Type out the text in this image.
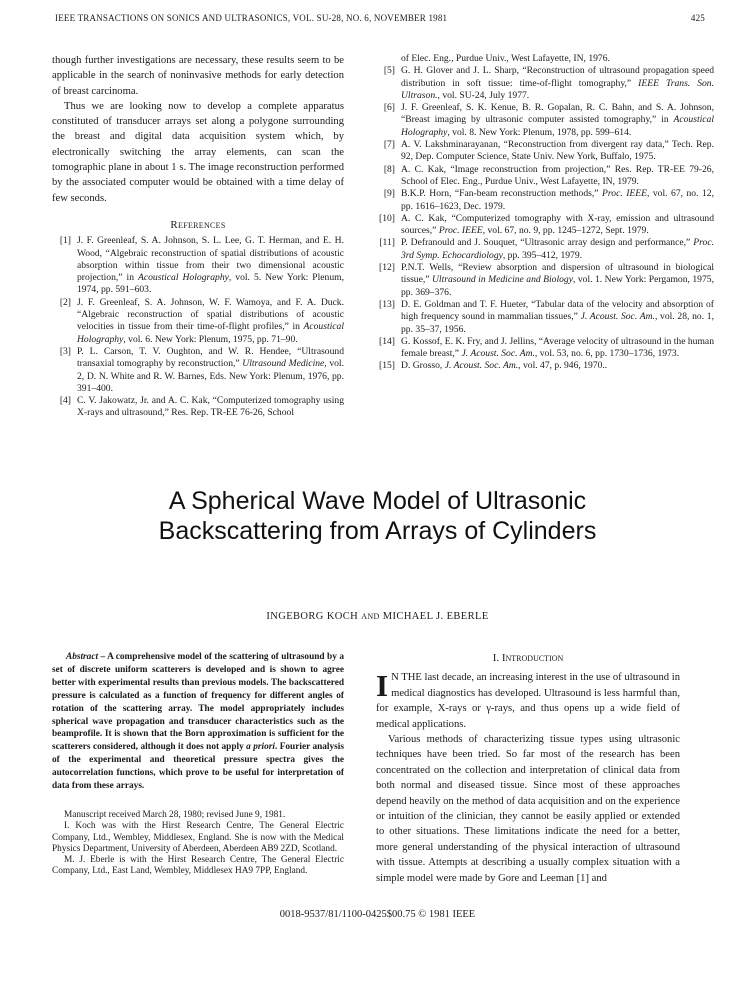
IEEE TRANSACTIONS ON SONICS AND ULTRASONICS, VOL. SU-28, NO. 6, NOVEMBER 1981	425

though further investigations are necessary, these results seem to be applicable in the search of noninvasive methods for early detection of breast carcinoma.

Thus we are looking now to develop a complete apparatus constituted of transducer arrays set along a polygone surrounding the breast and digital data acquisition system which, by electronically switching the array elements, can scan the tomographic plane in about 1 s. The image reconstruction performed by the associated computer would be obtained with a time delay of few seconds.

References
[1] J. F. Greenleaf, S. A. Johnson, S. L. Lee, G. T. Herman, and E. H. Wood, “Algebraic reconstruction of spatial distributions of acoustic absorption within tissue from their two dimensional acoustic projection,” in Acoustical Holography, vol. 5. New York: Plenum, 1974, pp. 591–603.
[2] J. F. Greenleaf, S. A. Johnson, W. F. Wamoya, and F. A. Duck. “Algebraic reconstruction of spatial distributions of acoustic velocities in tissue from their time-of-flight profiles,” in Acoustical Holography, vol. 6. New York: Plenum, 1975, pp. 71–90.
[3] P. L. Carson, T. V. Oughton, and W. R. Hendee, “Ultrasound transaxial tomography by reconstruction,” Ultrasound Medicine, vol. 2, D. N. White and R. W. Barnes, Eds. New York: Plenum, 1976, pp. 391–400.
[4] C. V. Jakowatz, Jr. and A. C. Kak, “Computerized tomography using X-rays and ultrasound,” Res. Rep. TR-EE 76-26, School
of Elec. Eng., Purdue Univ., West Lafayette, IN, 1976.
[5] G. H. Glover and J. L. Sharp, “Reconstruction of ultrasound propagation speed distribution in soft tissue: time-of-flight tomography,” IEEE Trans. Son. Ultrason., vol. SU-24, July 1977.
[6] J. F. Greenleaf, S. K. Kenue, B. R. Gopalan, R. C. Bahn, and S. A. Johnson, “Breast imaging by ultrasonic computer assisted tomography,” in Acoustical Holography, vol. 8. New York: Plenum, 1978, pp. 599–614.
[7] A. V. Lakshminarayanan, “Reconstruction from divergent ray data,” Tech. Rep. 92, Dep. Computer Science, State Univ. New York, Buffalo, 1975.
[8] A. C. Kak, “Image reconstruction from projection,” Res. Rep. TR-EE 79-26, School of Elec. Eng., Purdue Univ., West Lafayette, IN, 1979.
[9] B.K.P. Horn, “Fan-beam reconstruction methods,” Proc. IEEE, vol. 67, no. 12, pp. 1616–1623, Dec. 1979.
[10] A. C. Kak, “Computerized tomography with X-ray, emission and ultrasound sources,” Proc. IEEE, vol. 67, no. 9, pp. 1245–1272, Sept. 1979.
[11] P. Defranould and J. Souquet, “Ultrasonic array design and performance,” Proc. 3rd Symp. Echocardiology, pp. 395–412, 1979.
[12] P.N.T. Wells, “Review absorption and dispersion of ultrasound in biological tissue,” Ultrasound in Medicine and Biology, vol. 1. New York: Pergamon, 1975, pp. 369–376.
[13] D. E. Goldman and T. F. Hueter, “Tabular data of the velocity and absorption of high frequency sound in mammalian tissues,” J. Acoust. Soc. Am., vol. 28, no. 1, pp. 35–37, 1956.
[14] G. Kossof, E. K. Fry, and J. Jellins, “Average velocity of ultrasound in the human female breast,” J. Acoust. Soc. Am., vol. 53, no. 6, pp. 1730–1736, 1973.
[15] D. Grosso, J. Acoust. Soc. Am., vol. 47, p. 946, 1970..
A Spherical Wave Model of Ultrasonic Backscattering from Arrays of Cylinders
INGEBORG KOCH AND MICHAEL J. EBERLE
Abstract – A comprehensive model of the scattering of ultrasound by a set of discrete uniform scatterers is developed and is shown to agree better with experimental results than previous models. The backscattered pressure is calculated as a function of frequency for different angles of rotation of the scattering array. The model appropriately includes spherical wave propagation and transducer characteristics such as the beamprofile. It is shown that the Born approximation is sufficient for the scatterers considered, although it does not apply a priori. Fourier analysis of the experimental and theoretical pressure spectra gives the autocorrelation functions, which prove to be useful for interpretation of data from these arrays.

Manuscript received March 28, 1980; revised June 9, 1981.

I. Koch was with the Hirst Research Centre, The General Electric Company, Ltd., Wembley, Middlesex, England. She is now with the Medical Physics Department, University of Aberdeen, Aberdeen AB9 2ZD, Scotland.

M. J. Eberle is with the Hirst Research Centre, The General Electric Company, Ltd., East Land, Wembley, Middlesex HA9 7PP, England.

I. Introduction

I N THE last decade, an increasing interest in the use of ultrasound in medical diagnostics has developed. Ultrasound is less harmful than, for example, X-rays or γ-rays, and thus opens up a wide field of medical applications.

Various methods of characterizing tissue types using ultrasonic techniques have been tried. So far most of the research has been concentrated on the collection and interpretation of clinical data from both normal and diseased tissue. Since most of these approaches depend heavily on the method of data acquisition and on the experience or intuition of the clinician, they cannot be easily applied or extended to other situations. These limitations indicate the need for a better, more general understanding of the physical interaction of ultrasound with tissue. Attempts at describing a usually complex situation with a simple model were made by Gore and Leeman [1] and

0018-9537/81/1100-0425$00.75 © 1981 IEEE
